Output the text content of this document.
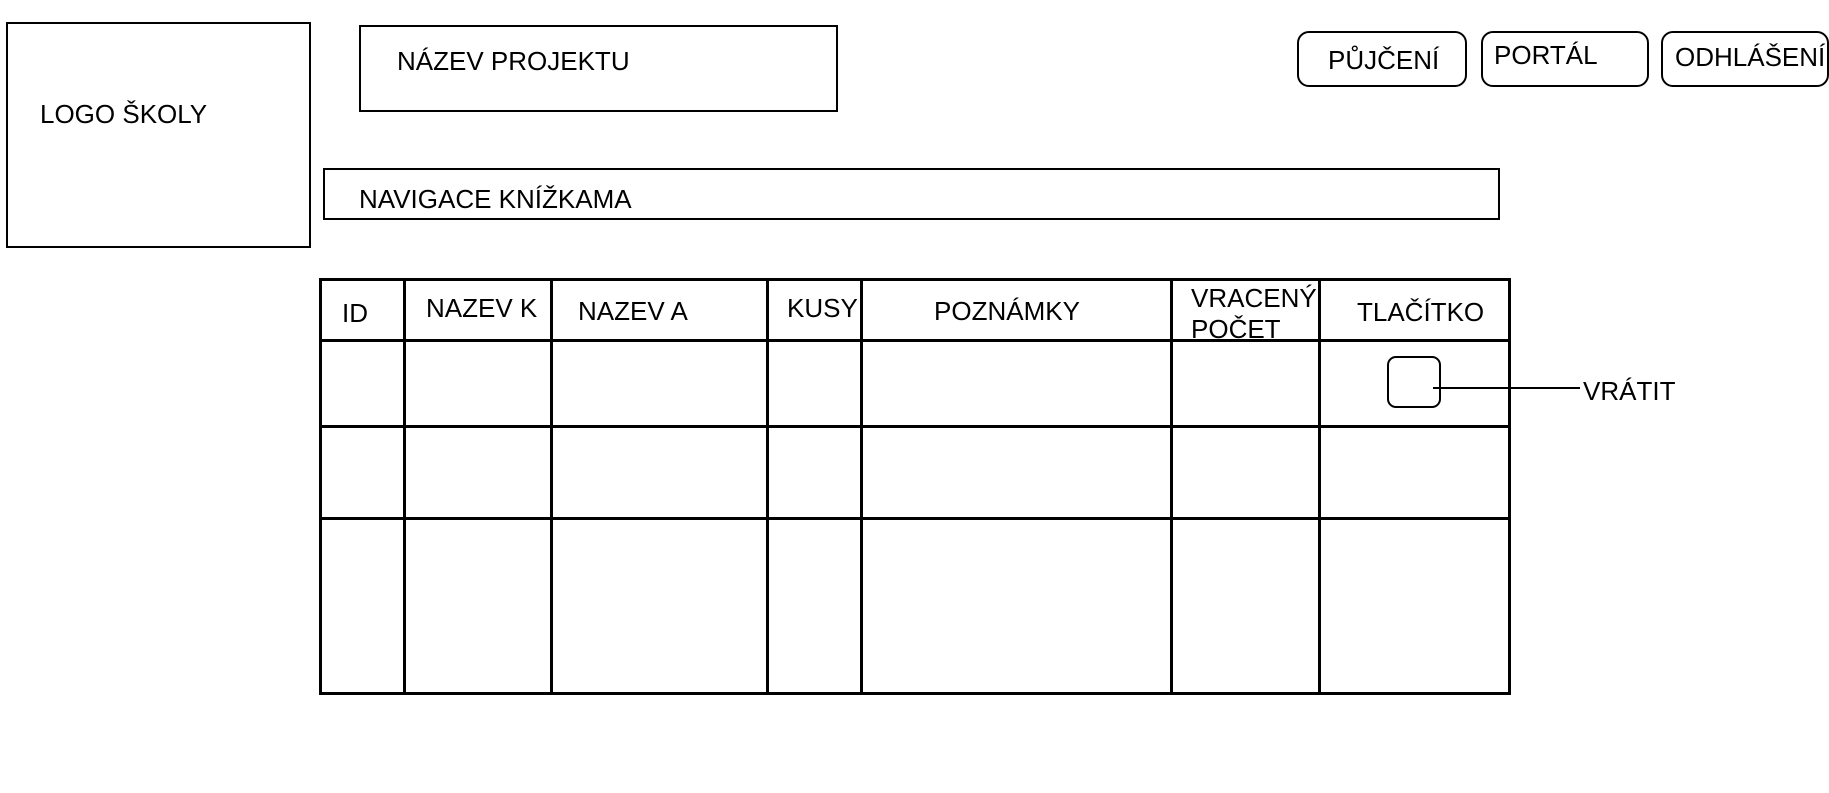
LOGO ŠKOLY
NÁZEV PROJEKTU	PŮJČENÍ PORTÁL	ODHLÁŠENÍ
NAVIGACE KNÍŽKAMA
ID	NAZEV K	NAZEV A	KUSY	POZNÁMKY	VRACENÝ POČET	TLAČÍTKO

VRÁTIT
